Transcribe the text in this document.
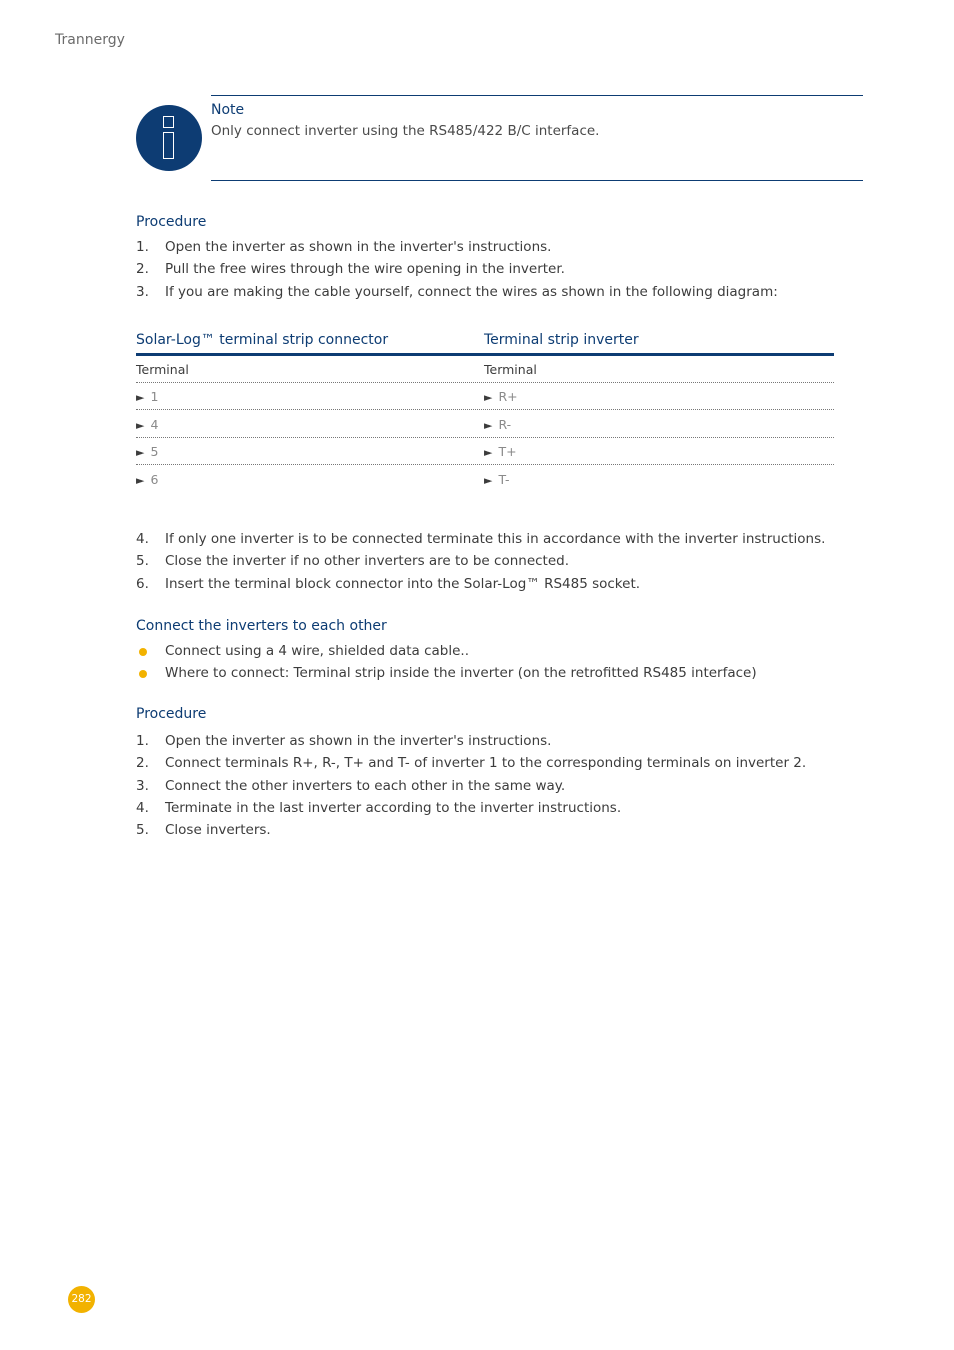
Trannergy
Note
Only connect inverter using the RS485/422 B/C interface.
Procedure
1. Open the inverter as shown in the inverter's instructions.
2. Pull the free wires through the wire opening in the inverter.
3. If you are making the cable yourself, connect the wires as shown in the following diagram:
Solar-Log™ terminal strip connector	Terminal strip inverter
Terminal	Terminal
► 1	► R+
► 4	► R-
► 5	► T+
► 6	► T-
4. If only one inverter is to be connected terminate this in accordance with the inverter instructions.
5. Close the inverter if no other inverters are to be connected.
6. Insert the terminal block connector into the Solar-Log™ RS485 socket.
Connect the inverters to each other
Connect using a 4 wire, shielded data cable..
Where to connect: Terminal strip inside the inverter (on the retrofitted RS485 interface)
Procedure
1. Open the inverter as shown in the inverter's instructions.
2. Connect terminals R+, R-, T+ and T- of inverter 1 to the corresponding terminals on inverter 2.
3. Connect the other inverters to each other in the same way.
4. Terminate in the last inverter according to the inverter instructions.
5. Close inverters.
282
